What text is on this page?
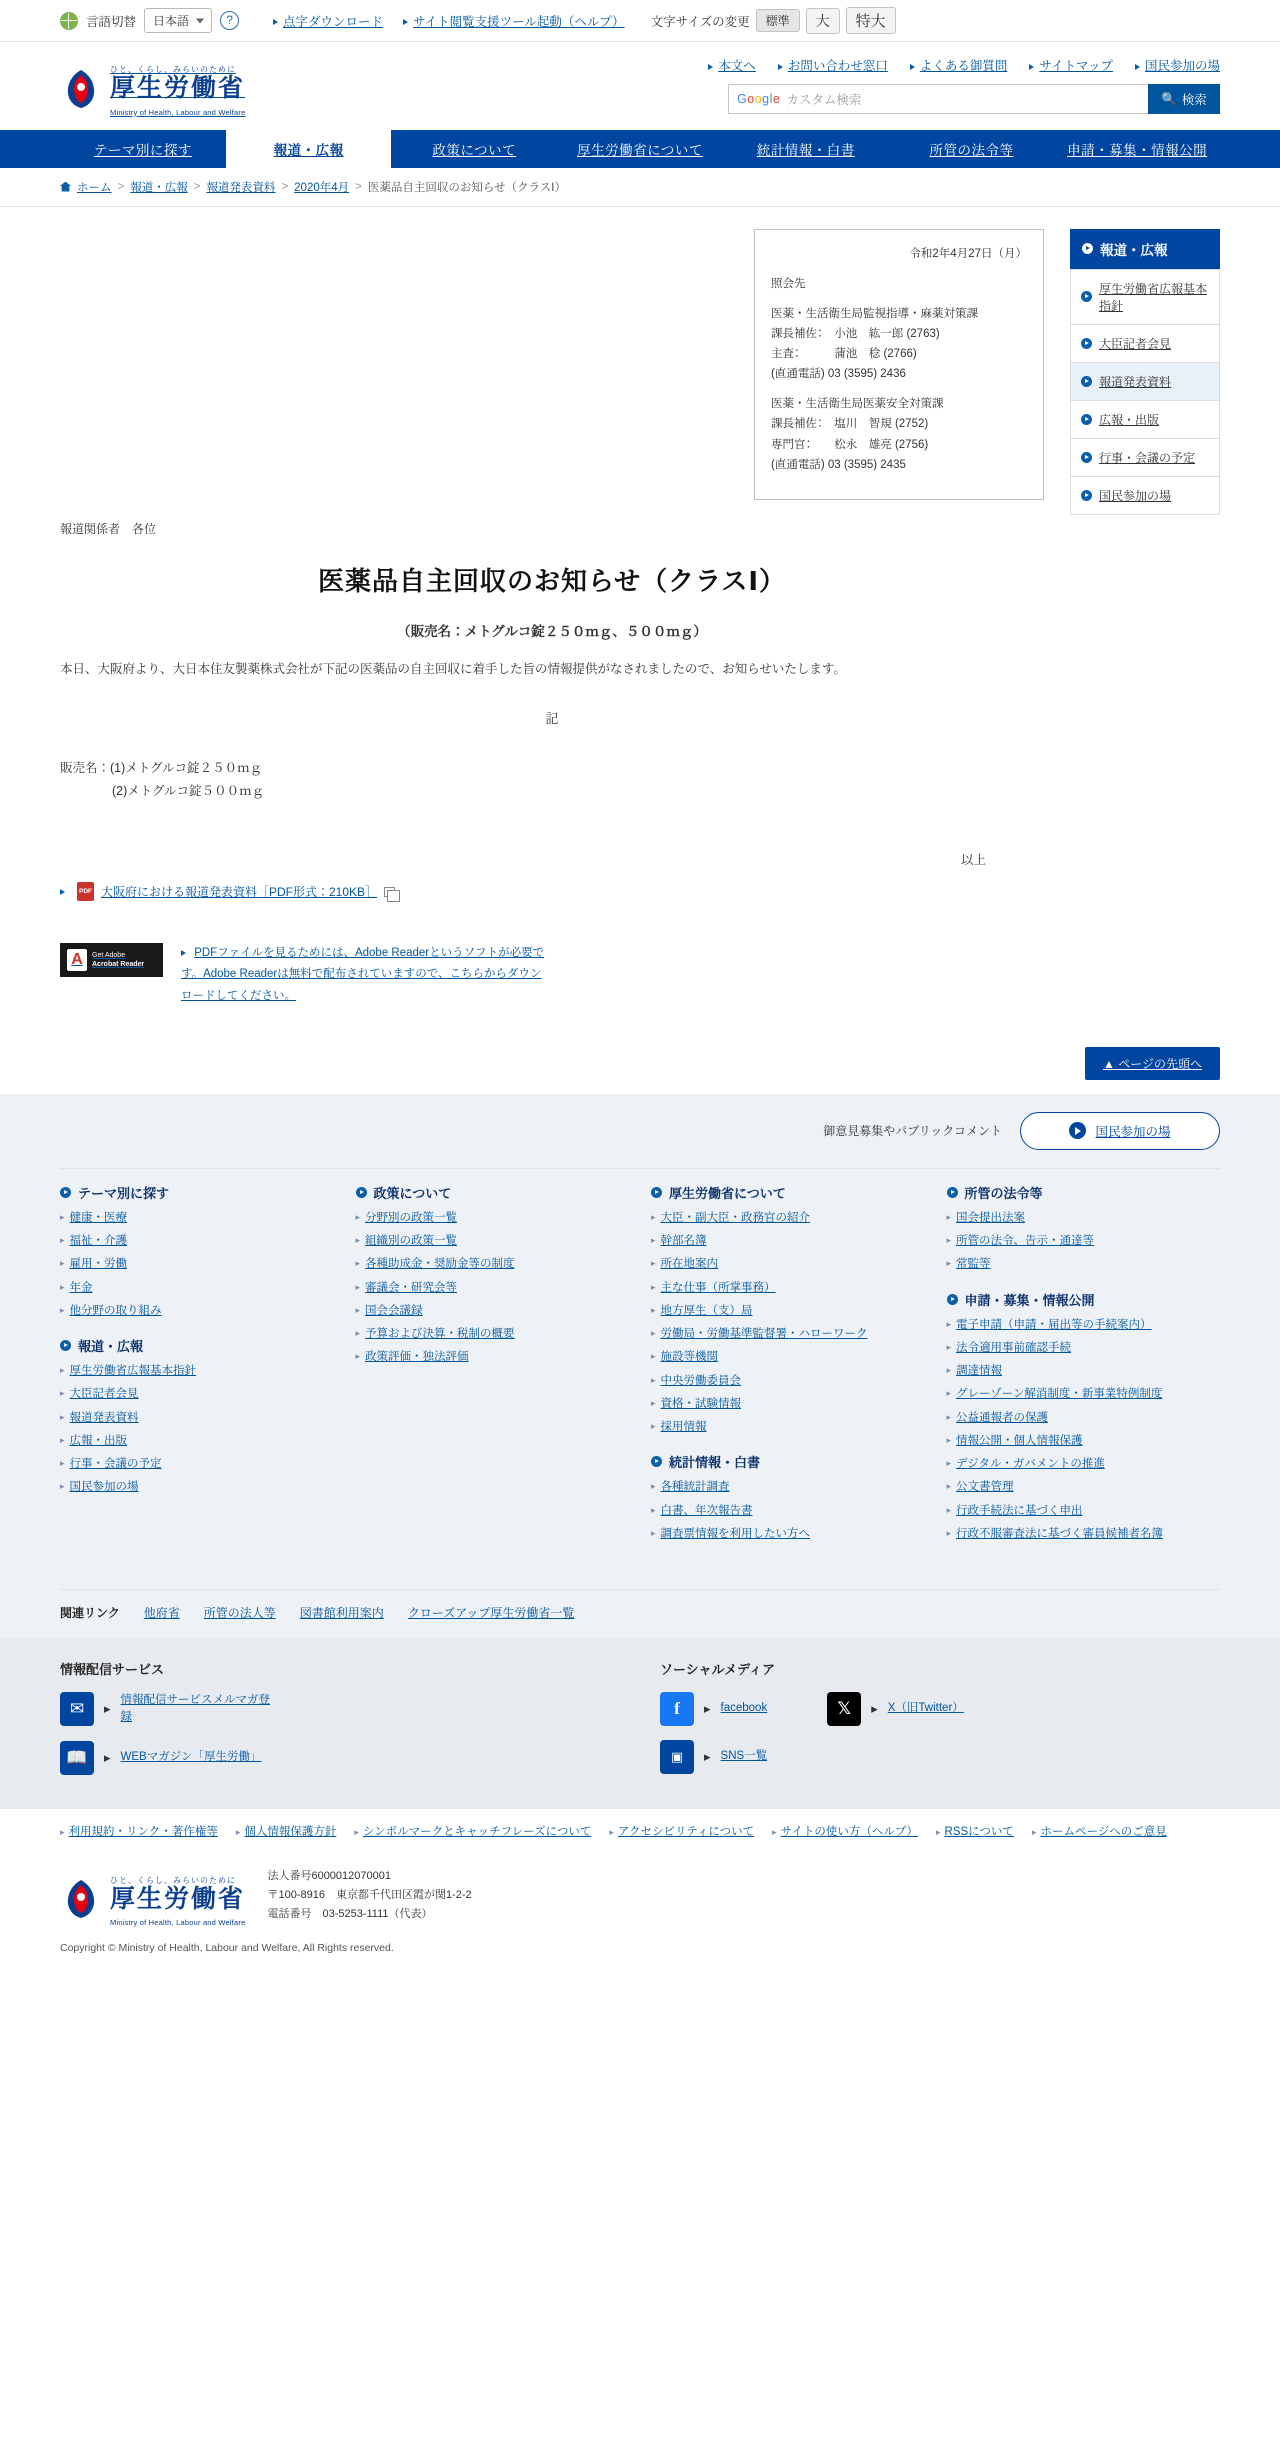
言語切替	日本語	?	点字ダウンロード	サイト閲覧支援ツール起動（ヘルプ） 文字サイズの変更	標準	大	特大
ひと、くらし、みらいのために
厚生労働省
Ministry of Health, Labour and Welfare
本文へ	お問い合わせ窓口	よくある御質問	サイトマップ	国民参加の場
Google カスタム検索	🔍 検索
テーマ別に探す	報道・広報	政策について	厚生労働省について	統計情報・白書	所管の法令等	申請・募集・情報公開
ホーム > 報道・広報 > 報道発表資料 > 2020年4月 > 医薬品自主回収のお知らせ（クラスⅠ）
令和2年4月27日（月）
照会先
医薬・生活衛生局監視指導・麻薬対策課
課長補佐：　小池　紘一郎 (2763)
主査：　　　蒲池　稔 (2766)
(直通電話) 03 (3595) 2436
医薬・生活衛生局医薬安全対策課
課長補佐：　塩川　智規 (2752)
専門官：　　松永　雄亮 (2756)
(直通電話) 03 (3595) 2435
報道関係者　各位
医薬品自主回収のお知らせ（クラスⅠ）
（販売名：メトグルコ錠２５０ｍｇ、５００ｍｇ）

本日、大阪府より、大日本住友製薬株式会社が下記の医薬品の自主回収に着手した旨の情報提供がなされましたので、お知らせいたします。

記
販売名：(1)メトグルコ錠２５０ｍｇ
(2)メトグルコ錠５００ｍｇ
以上
PDF 大阪府における報道発表資料［PDF形式：210KB］
A	Get Adobe
Acrobat Reader
PDFファイルを見るためには、Adobe Readerというソフトが必要です。Adobe Readerは無料で配布されていますので、こちらからダウンロードしてください。
報道・広報
厚生労働省広報基本指針
大臣記者会見
報道発表資料
広報・出版
行事・会議の予定
国民参加の場
▲ ページの先頭へ
御意見募集やパブリックコメント	国民参加の場
テーマ別に探す
▸ 健康・医療
▸ 福祉・介護
▸ 雇用・労働
▸ 年金
▸ 他分野の取り組み
報道・広報
▸ 厚生労働省広報基本指針
▸ 大臣記者会見
▸ 報道発表資料
▸ 広報・出版
▸ 行事・会議の予定
▸ 国民参加の場
政策について
▸ 分野別の政策一覧
▸ 組織別の政策一覧
▸ 各種助成金・奨励金等の制度
▸ 審議会・研究会等
▸ 国会会議録
▸ 予算および決算・税制の概要
▸ 政策評価・独法評価
厚生労働省について
▸ 大臣・副大臣・政務官の紹介
▸ 幹部名簿
▸ 所在地案内
▸ 主な仕事（所掌事務）
▸ 地方厚生（支）局
▸ 労働局・労働基準監督署・ハローワーク
▸ 施設等機関
▸ 中央労働委員会
▸ 資格・試験情報
▸ 採用情報
統計情報・白書
▸ 各種統計調査
▸ 白書、年次報告書
▸ 調査票情報を利用したい方へ
所管の法令等
▸ 国会提出法案
▸ 所管の法令、告示・通達等
▸ 常監等
申請・募集・情報公開
▸ 電子申請（申請・届出等の手続案内）
▸ 法令適用事前確認手続
▸ 調達情報
▸ グレーゾーン解消制度・新事業特例制度
▸ 公益通報者の保護
▸ 情報公開・個人情報保護
▸ デジタル・ガバメントの推進
▸ 公文書管理
▸ 行政手続法に基づく申出
▸ 行政不服審査法に基づく審員候補者名簿
関連リンク 他府省 所管の法人等 図書館利用案内 クローズアップ厚生労働省一覧
情報配信サービス
✉	▸
情報配信サービスメルマガ登録
📖	▸ WEBマガジン「厚生労働」
ソーシャルメディア
f	▸ facebook	𝕏	▸ X（旧Twitter）
▣	▸ SNS一覧
▸ 利用規約・リンク・著作権等 ▸ 個人情報保護方針 ▸ シンボルマークとキャッチフレーズについて ▸ アクセシビリティについて ▸ サイトの使い方（ヘルプ） ▸ RSSについて ▸ ホームページへのご意見
ひと、くらし、みらいのために
厚生労働省
Ministry of Health, Labour and Welfare
法人番号6000012070001
〒100-8916　東京都千代田区霞が関1-2-2
電話番号　03-5253-1111（代表）
Copyright © Ministry of Health, Labour and Welfare, All Rights reserved.
